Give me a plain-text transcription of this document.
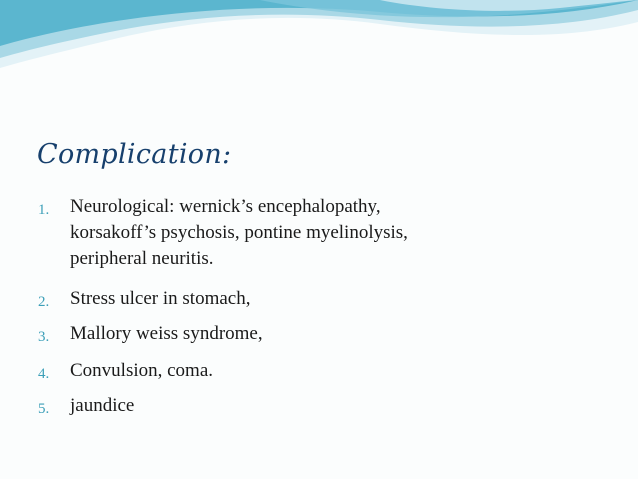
Complication:
1. Neurological: wernick’s encephalopathy,
korsakoff’s psychosis, pontine myelinolysis,
peripheral neuritis.
2. Stress ulcer in stomach,
3. Mallory weiss syndrome,
4. Convulsion, coma.
5. jaundice
